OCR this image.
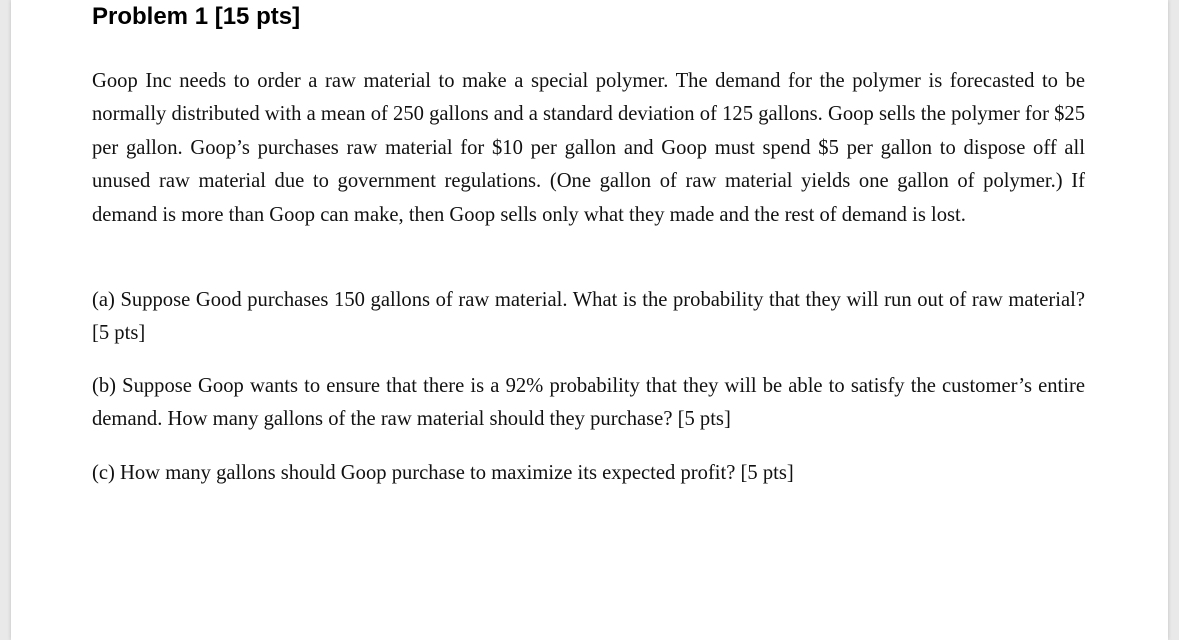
Problem 1 [15 pts]

Goop Inc needs to order a raw material to make a special polymer. The demand for the polymer is forecasted to be normally distributed with a mean of 250 gallons and a standard deviation of 125 gallons. Goop sells the polymer for $25 per gallon. Goop’s purchases raw material for $10 per gallon and Goop must spend $5 per gallon to dispose off all unused raw material due to government regulations. (One gallon of raw material yields one gallon of polymer.) If demand is more than Goop can make, then Goop sells only what they made and the rest of demand is lost.

(a) Suppose Good purchases 150 gallons of raw material. What is the probability that they will run out of raw material? [5 pts]

(b) Suppose Goop wants to ensure that there is a 92% probability that they will be able to satisfy the customer’s entire demand. How many gallons of the raw material should they purchase? [5 pts]

(c) How many gallons should Goop purchase to maximize its expected profit? [5 pts]
